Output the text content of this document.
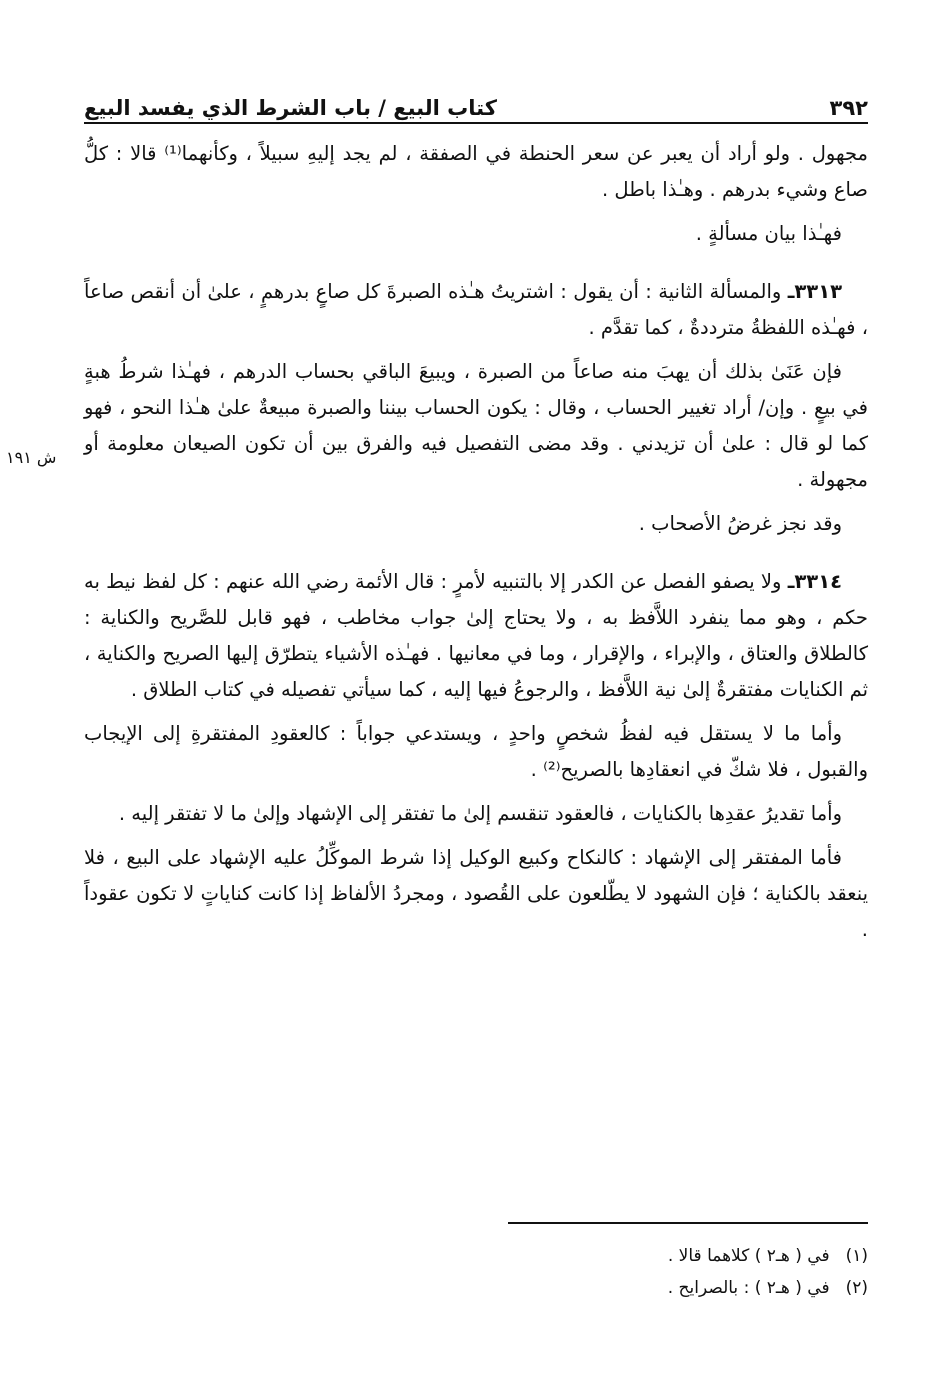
٣٩٢
كتاب البيع / باب الشرط الذي يفسد البيع

مجهول . ولو أراد أن يعبر عن سعر الحنطة في الصفقة ، لم يجد إليهِ سبيلاً ، وكأنهما⁽¹⁾ قالا : كلُّ صاع وشيء بدرهم . وهـٰذا باطل .

فهـٰذا بيان مسألةٍ .

٣٣١٣ـ والمسألة الثانية : أن يقول : اشتريتُ هـٰذه الصبرةَ كل صاعٍ بدرهمٍ ، علىٰ أن أنقص صاعاً ، فهـٰذه اللفظةُ مترددةٌ ، كما تقدَّم .

فإن عَنَىٰ بذلك أن يهبَ منه صاعاً من الصبرة ، ويبيعَ الباقي بحساب الدرهم ، فهـٰذا شرطُ هبةٍ في بيعٍ . وإن/ أراد تغيير الحساب ، وقال : يكون الحساب بيننا والصبرة مبيعةٌ علىٰ هـٰذا النحو ، فهو كما لو قال : علىٰ أن تزيدني . وقد مضى التفصيل فيه والفرق بين أن تكون الصيعان معلومة أو مجهولة .

وقد نجز غرضُ الأصحاب .

٣٣١٤ـ ولا يصفو الفصل عن الكدر إلا بالتنبيه لأمرٍ : قال الأئمة رضي الله عنهم : كل لفظ نيط به حكم ، وهو مما ينفرد اللاَّفظ به ، ولا يحتاج إلىٰ جواب مخاطب ، فهو قابل للصَّريح والكناية : كالطلاق والعتاق ، والإبراء ، والإقرار ، وما في معانيها . فهـٰذه الأشياء يتطرّق إليها الصريح والكناية ، ثم الكنايات مفتقرةٌ إلىٰ نية اللاَّفظ ، والرجوعُ فيها إليه ، كما سيأتي تفصيله في كتاب الطلاق .

وأما ما لا يستقل فيه لفظُ شخصٍ واحدٍ ، ويستدعي جواباً : كالعقودِ المفتقرةِ إلى الإيجاب والقبول ، فلا شكّ في انعقادِها بالصريح⁽²⁾ .

وأما تقديرُ عقدِها بالكنايات ، فالعقود تنقسم إلىٰ ما تفتقر إلى الإشهاد وإلىٰ ما لا تفتقر إليه .

فأما المفتقر إلى الإشهاد : كالنكاح وكبيع الوكيل إذا شرط الموكِّلُ عليه الإشهاد على البيع ، فلا ينعقد بالكناية ؛ فإن الشهود لا يطّلعون على القُصود ، ومجردُ الألفاظ إذا كانت كناياتٍ لا تكون عقوداً .

ش ١٩١
(١)في ( هـ٢ ) كلاهما قالا .
(٢)في ( هـ٢ ) : بالصرايح .
